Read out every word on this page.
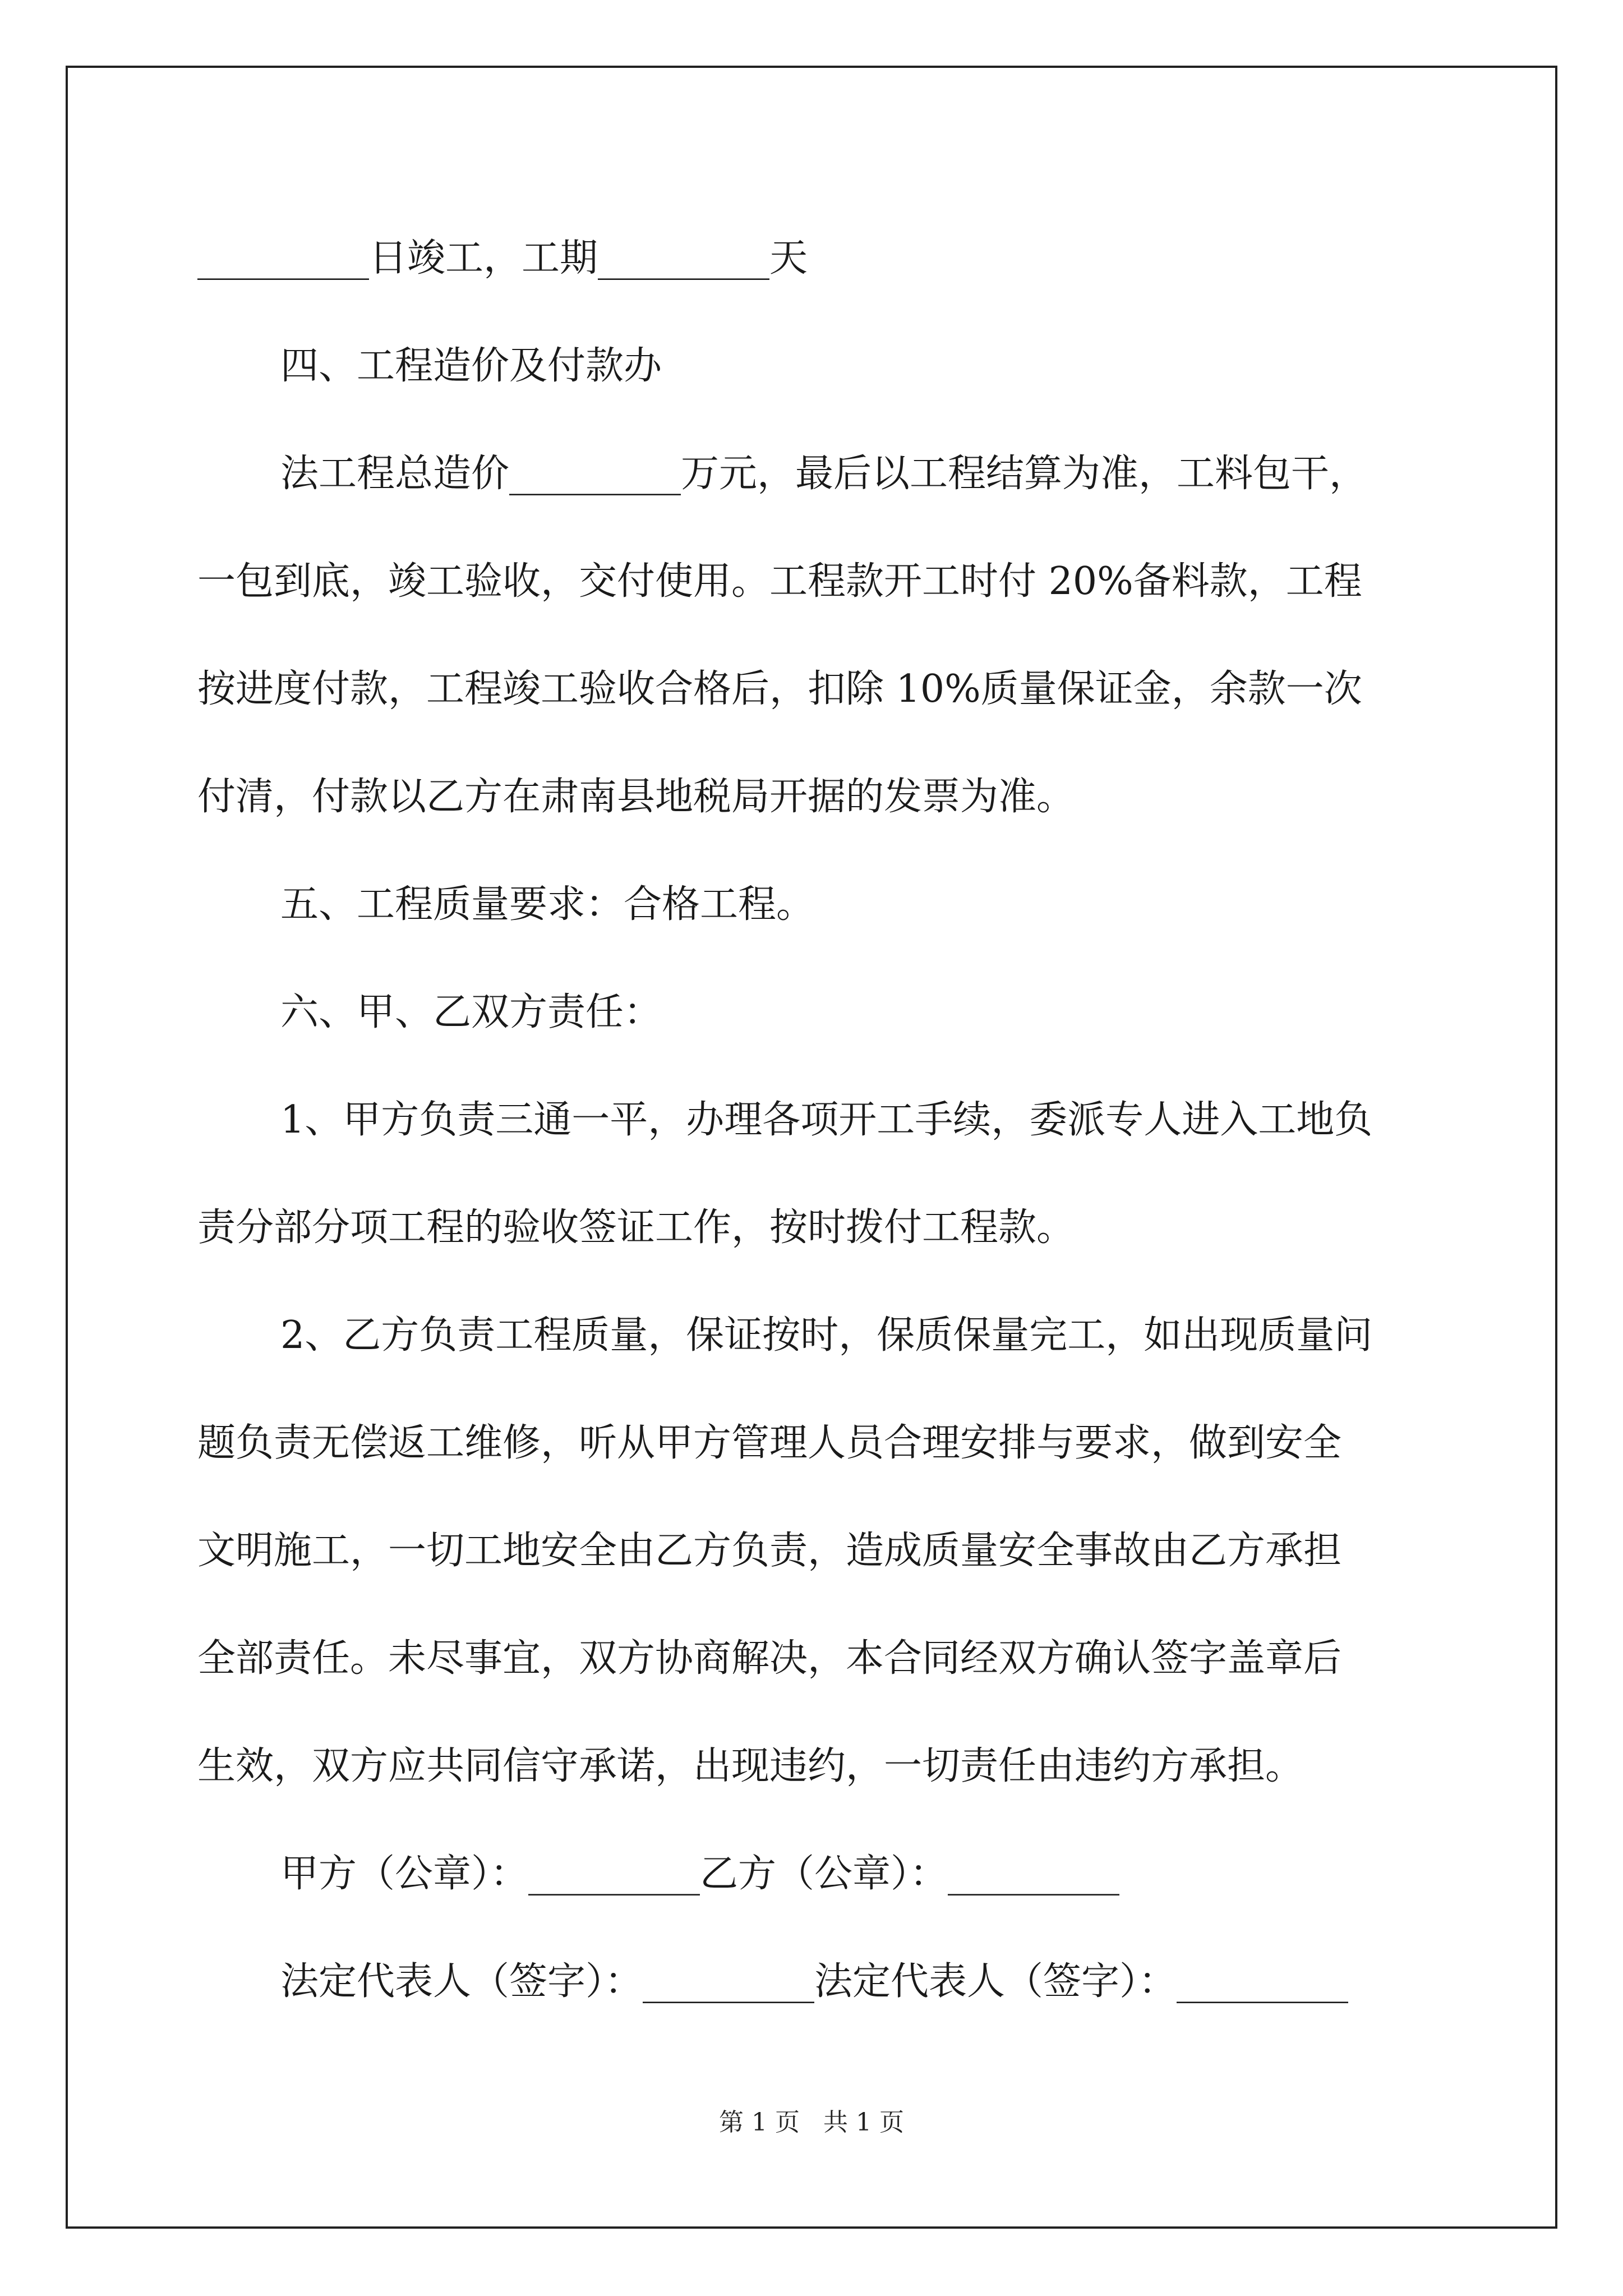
_________日竣工，工期_________天

四、工程造价及付款办

法工程总造价_________万元，最后以工程结算为准，工料包干，

一包到底，竣工验收，交付使用。工程款开工时付 20%备料款，工程

按进度付款，工程竣工验收合格后，扣除 10%质量保证金，余款一次

付清，付款以乙方在肃南县地税局开据的发票为准。

五、工程质量要求：合格工程。

六、甲、乙双方责任：

1、甲方负责三通一平，办理各项开工手续，委派专人进入工地负

责分部分项工程的验收签证工作，按时拨付工程款。

2、乙方负责工程质量，保证按时，保质保量完工，如出现质量问

题负责无偿返工维修，听从甲方管理人员合理安排与要求，做到安全

文明施工，一切工地安全由乙方负责，造成质量安全事故由乙方承担

全部责任。未尽事宜，双方协商解决，本合同经双方确认签字盖章后

生效，双方应共同信守承诺，出现违约，一切责任由违约方承担。

甲方（公章）：_________乙方（公章）：_________

法定代表人（签字）：_________法定代表人（签字）：_________

第 1 页 共 1 页
